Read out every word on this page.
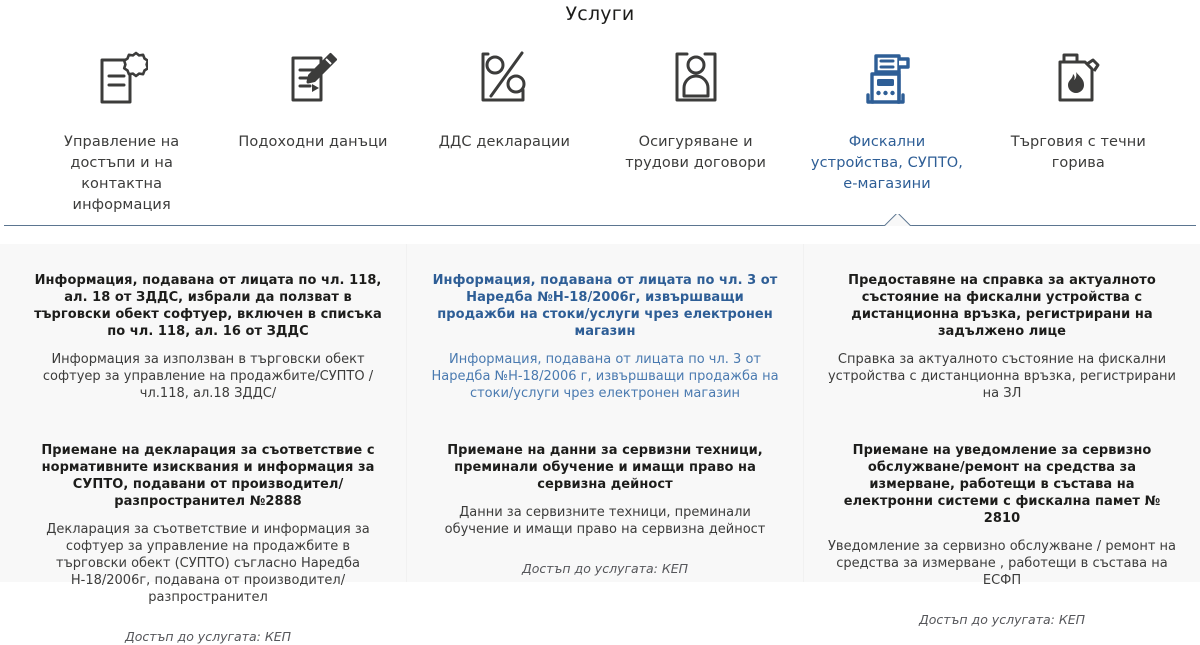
Услуги
Управление на достъпи и на контактна информация
Подоходни данъци	ДДС декларации	Осигуряване и трудови договори
Фискални устройства, СУПТО, е-магазини
Търговия с течни горива
Информация, подавана от лицата по чл. 118, ал. 18 от ЗДДС, избрали да ползват в търговски обект софтуер, включен в списъка по чл. 118, ал. 16 от ЗДДС

Информация за използван в търговски обект софтуер за управление на продажбите/СУПТО /чл.118, ал.18 ЗДДС/

Информация, подавана от лицата по чл. 3 от Наредба №Н-18/2006г, извършващи продажби на стоки/услуги чрез електронен магазин

Информация, подавана от лицата по чл. 3 от Наредба №Н-18/2006 г, извършващи продажба на стоки/услуги чрез електронен магазин

Предоставяне на справка за актуалното състояние на фискални устройства с дистанционна връзка, регистрирани на задължено лице

Справка за актуалното състояние на фискални устройства с дистанционна връзка, регистрирани на ЗЛ

Приемане на декларация за съответствие с нормативните изисквания и информация за СУПТО, подавани от производител/разпространител №2888

Декларация за съответствие и информация за софтуер за управление на продажбите в търговски обект (СУПТО) съгласно Наредба Н-18/2006г, подавана от производител/разпространител

Достъп до услугата: КЕП

Приемане на данни за сервизни техници, преминали обучение и имащи право на сервизна дейност

Данни за сервизните техници, преминали обучение и имащи право на сервизна дейност

Достъп до услугата: КЕП

Приемане на уведомление за сервизно обслужване/ремонт на средства за измерване, работещи в състава на електронни системи с фискална памет № 2810

Уведомление за сервизно обслужване / ремонт на средства за измерване , работещи в състава на ЕСФП

Достъп до услугата: КЕП
